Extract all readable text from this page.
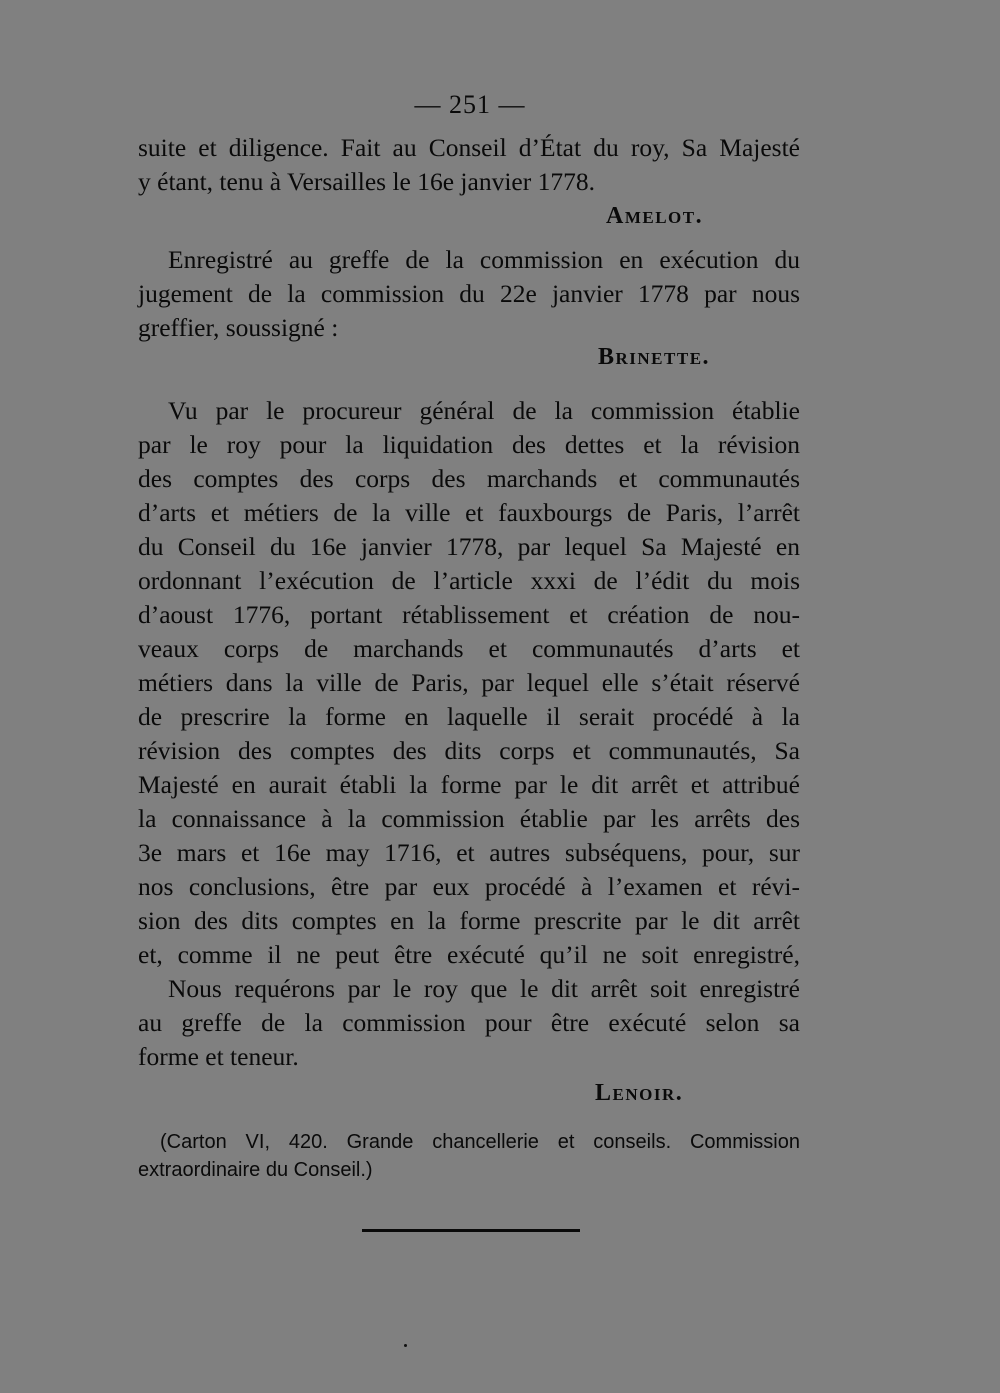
— 251 —
suite et diligence. Fait au Conseil d’État du roy, Sa Majesté
y étant, tenu à Versailles le 16e janvier 1778.
Amelot.
Enregistré au greffe de la commission en exécution du
jugement de la commission du 22e janvier 1778 par nous
greffier, soussigné :
Brinette.
Vu par le procureur général de la commission établie
par le roy pour la liquidation des dettes et la révision
des comptes des corps des marchands et communautés
d’arts et métiers de la ville et fauxbourgs de Paris, l’arrêt
du Conseil du 16e janvier 1778, par lequel Sa Majesté en
ordonnant l’exécution de l’article xxxi de l’édit du mois
d’aoust 1776, portant rétablissement et création de nou-
veaux corps de marchands et communautés d’arts et
métiers dans la ville de Paris, par lequel elle s’était réservé
de prescrire la forme en laquelle il serait procédé à la
révision des comptes des dits corps et communautés, Sa
Majesté en aurait établi la forme par le dit arrêt et attribué
la connaissance à la commission établie par les arrêts des
3e mars et 16e may 1716, et autres subséquens, pour, sur
nos conclusions, être par eux procédé à l’examen et révi-
sion des dits comptes en la forme prescrite par le dit arrêt
et, comme il ne peut être exécuté qu’il ne soit enregistré,
Nous requérons par le roy que le dit arrêt soit enregistré
au greffe de la commission pour être exécuté selon sa
forme et teneur.
Lenoir.
(Carton VI, 420. Grande chancellerie et conseils. Commission
extraordinaire du Conseil.)
